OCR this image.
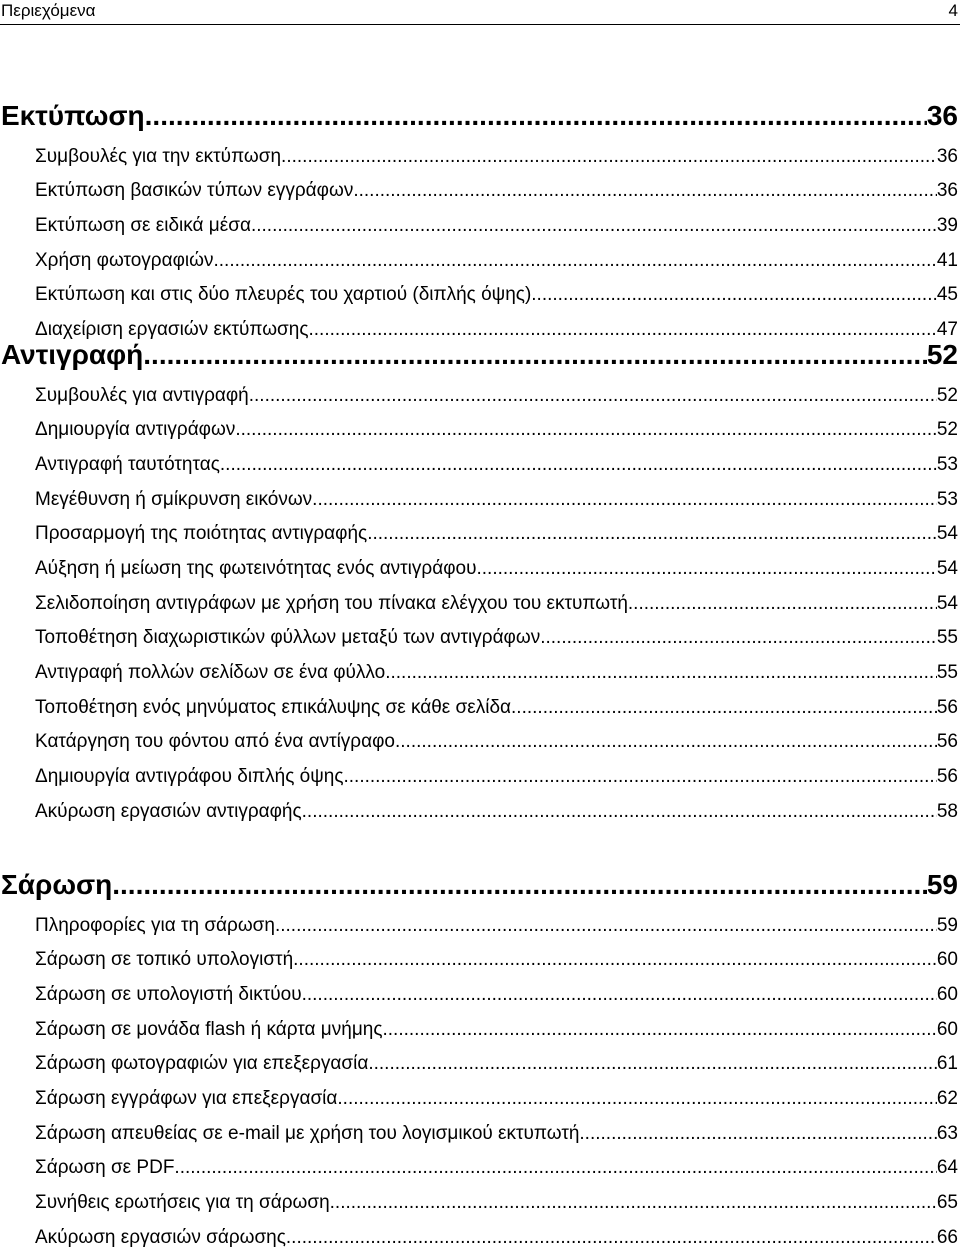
Περιεχόμενα	4
Εκτύπωση .....	36
Συμβουλές για την εκτύπωση .....	36
Εκτύπωση βασικών τύπων εγγράφων .....	36
Εκτύπωση σε ειδικά μέσα .....	39
Χρήση φωτογραφιών .....	41
Εκτύπωση και στις δύο πλευρές του χαρτιού (διπλής όψης) .....	45
Διαχείριση εργασιών εκτύπωσης .....	47
Αντιγραφή .....	52
Συμβουλές για αντιγραφή .....	52
Δημιουργία αντιγράφων .....	52
Αντιγραφή ταυτότητας .....	53
Μεγέθυνση ή σμίκρυνση εικόνων .....	53
Προσαρμογή της ποιότητας αντιγραφής .....	54
Αύξηση ή μείωση της φωτεινότητας ενός αντιγράφου .....	54
Σελιδοποίηση αντιγράφων με χρήση του πίνακα ελέγχου του εκτυπωτή .....	54
Τοποθέτηση διαχωριστικών φύλλων μεταξύ των αντιγράφων .....	55
Αντιγραφή πολλών σελίδων σε ένα φύλλο .....	55
Τοποθέτηση ενός μηνύματος επικάλυψης σε κάθε σελίδα .....	56
Κατάργηση του φόντου από ένα αντίγραφο .....	56
Δημιουργία αντιγράφου διπλής όψης .....	56
Ακύρωση εργασιών αντιγραφής .....	58
Σάρωση .....	59
Πληροφορίες για τη σάρωση .....	59
Σάρωση σε τοπικό υπολογιστή .....	60
Σάρωση σε υπολογιστή δικτύου .....	60
Σάρωση σε μονάδα flash ή κάρτα μνήμης .....	60
Σάρωση φωτογραφιών για επεξεργασία .....	61
Σάρωση εγγράφων για επεξεργασία .....	62
Σάρωση απευθείας σε e-mail με χρήση του λογισμικού εκτυπωτή .....	63
Σάρωση σε PDF .....	64
Συνήθεις ερωτήσεις για τη σάρωση .....	65
Ακύρωση εργασιών σάρωσης .....	66
